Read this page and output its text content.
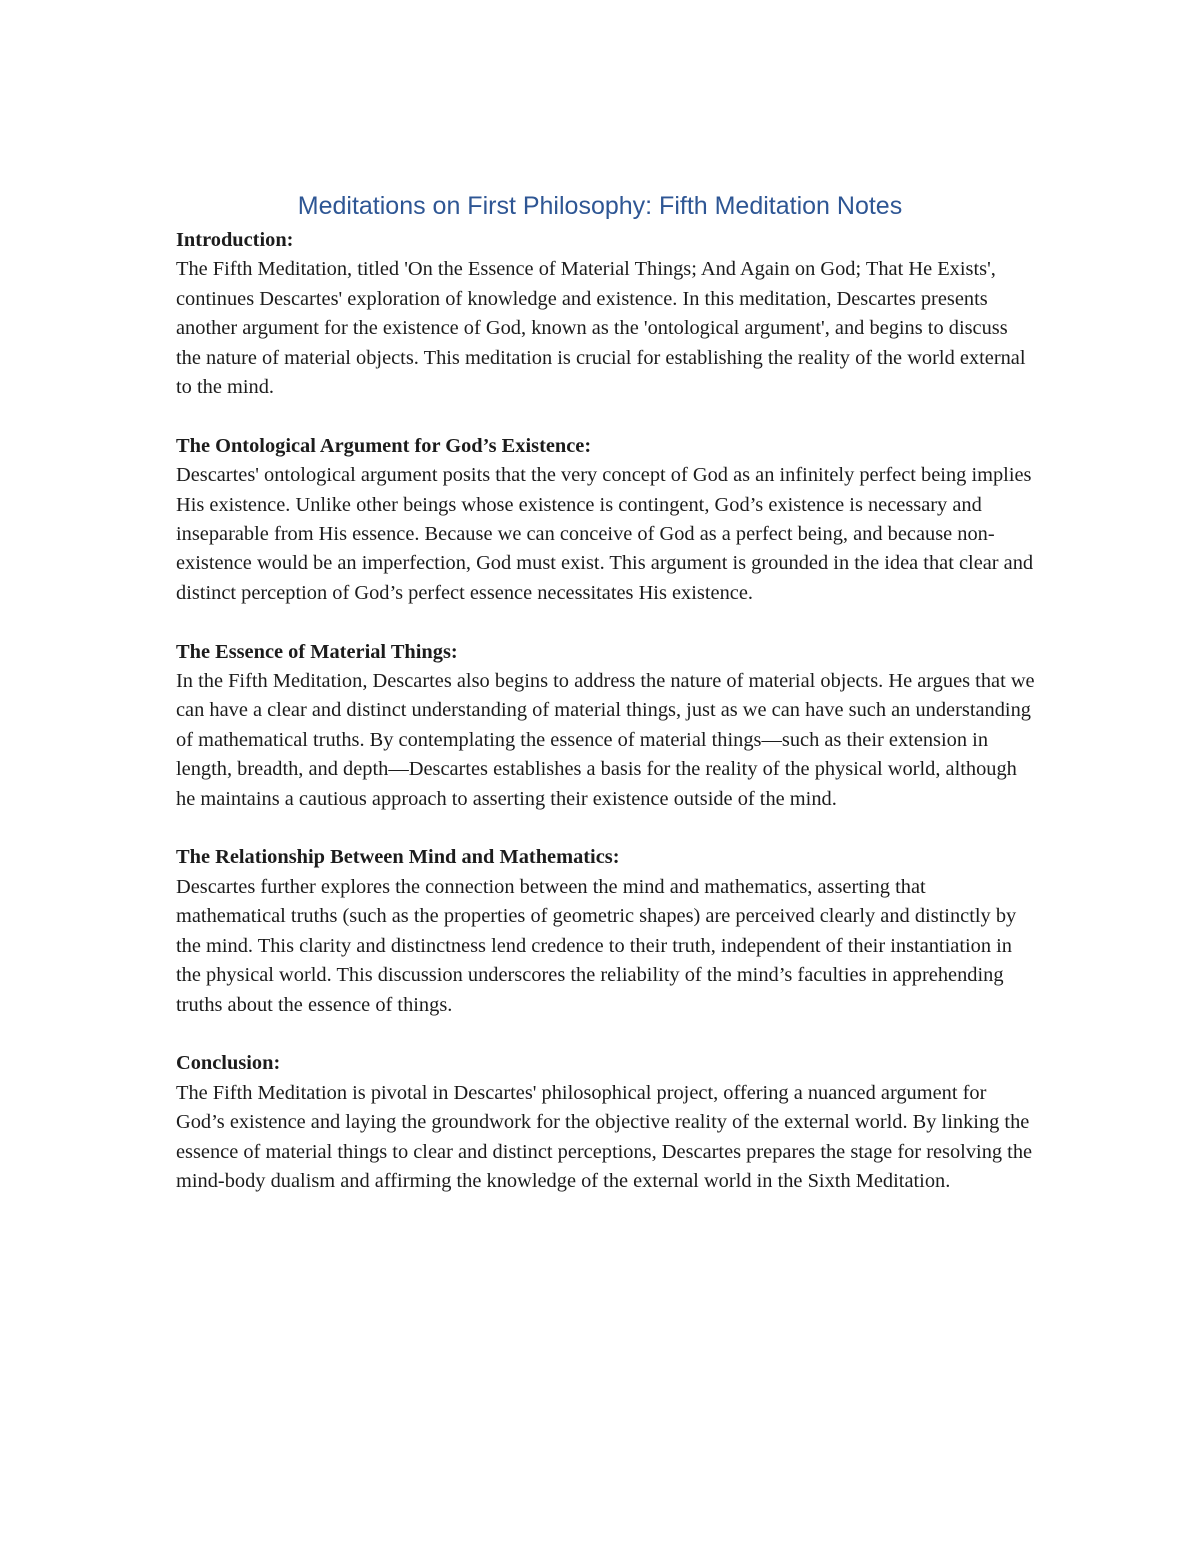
Meditations on First Philosophy: Fifth Meditation Notes

Introduction:

The Fifth Meditation, titled 'On the Essence of Material Things; And Again on God; That He Exists', continues Descartes' exploration of knowledge and existence. In this meditation, Descartes presents another argument for the existence of God, known as the 'ontological argument', and begins to discuss the nature of material objects. This meditation is crucial for establishing the reality of the world external to the mind.

The Ontological Argument for God’s Existence:

Descartes' ontological argument posits that the very concept of God as an infinitely perfect being implies His existence. Unlike other beings whose existence is contingent, God’s existence is necessary and inseparable from His essence. Because we can conceive of God as a perfect being, and because non-existence would be an imperfection, God must exist. This argument is grounded in the idea that clear and distinct perception of God’s perfect essence necessitates His existence.

The Essence of Material Things:

In the Fifth Meditation, Descartes also begins to address the nature of material objects. He argues that we can have a clear and distinct understanding of material things, just as we can have such an understanding of mathematical truths. By contemplating the essence of material things—such as their extension in length, breadth, and depth—Descartes establishes a basis for the reality of the physical world, although he maintains a cautious approach to asserting their existence outside of the mind.

The Relationship Between Mind and Mathematics:

Descartes further explores the connection between the mind and mathematics, asserting that mathematical truths (such as the properties of geometric shapes) are perceived clearly and distinctly by the mind. This clarity and distinctness lend credence to their truth, independent of their instantiation in the physical world. This discussion underscores the reliability of the mind’s faculties in apprehending truths about the essence of things.

Conclusion:

The Fifth Meditation is pivotal in Descartes' philosophical project, offering a nuanced argument for God’s existence and laying the groundwork for the objective reality of the external world. By linking the essence of material things to clear and distinct perceptions, Descartes prepares the stage for resolving the mind-body dualism and affirming the knowledge of the external world in the Sixth Meditation.
